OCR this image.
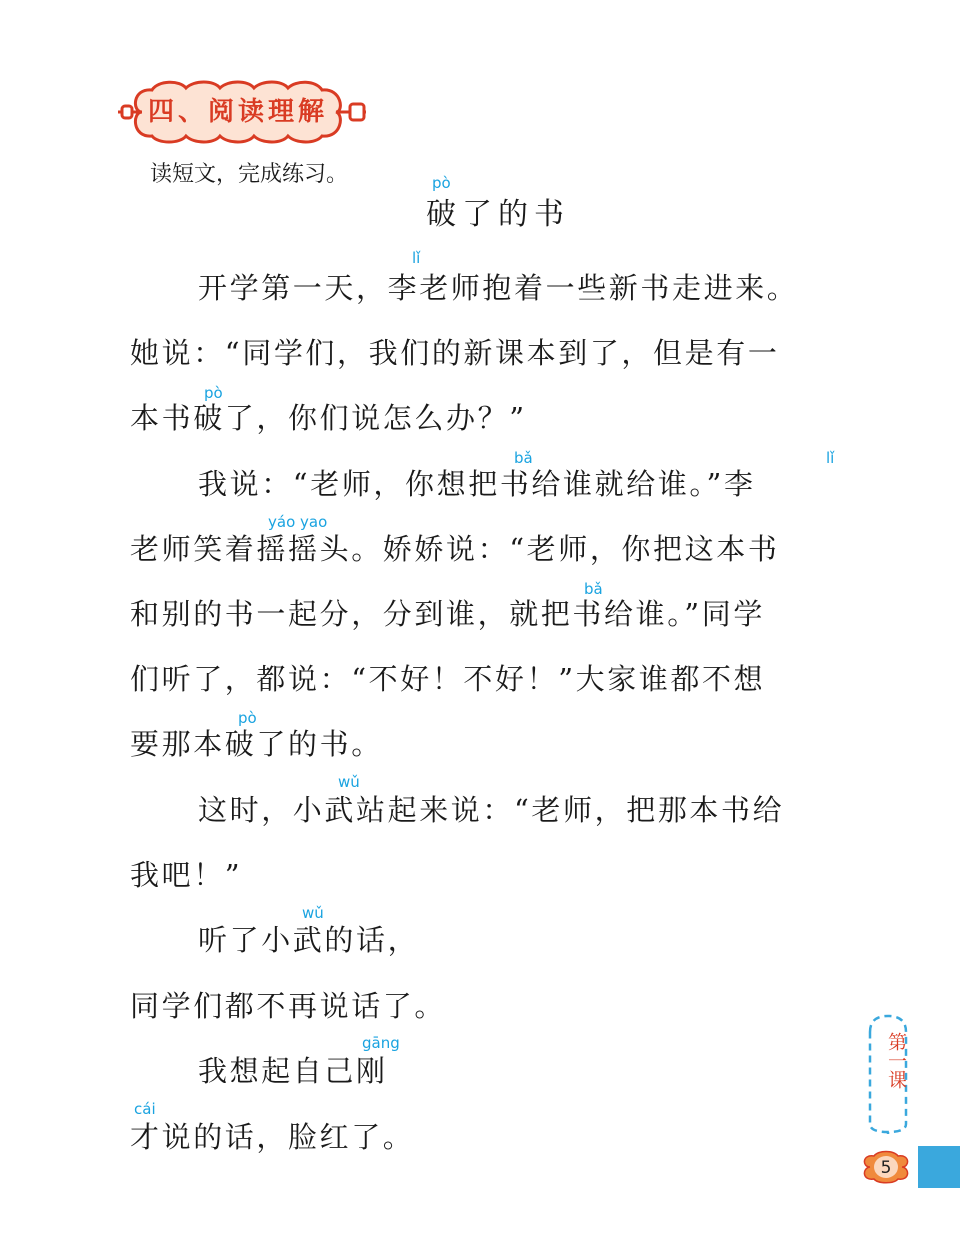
四、阅读理解
读短文，完成练习。	pò
lǐ
pò
bǎ	lǐ
yáo yao
bǎ
pò
wǔ
wǔ
gāng
cái
破了的书
开学第一天，李老师抱着一些新书走进来。
她说：“同学们，我们的新课本到了，但是有一
本书破了，你们说怎么办？”
我说：“老师，你想把书给谁就给谁。”李
老师笑着摇摇头。娇娇说：“老师，你把这本书
和别的书一起分，分到谁，就把书给谁。”同学
们听了，都说：“不好！不好！”大家谁都不想
要那本破了的书。
这时，小武站起来说：“老师，把那本书给
我吧！”
听了小武的话，
同学们都不再说话了。
我想起自己刚
才说的话，脸红了。
第一课
5
